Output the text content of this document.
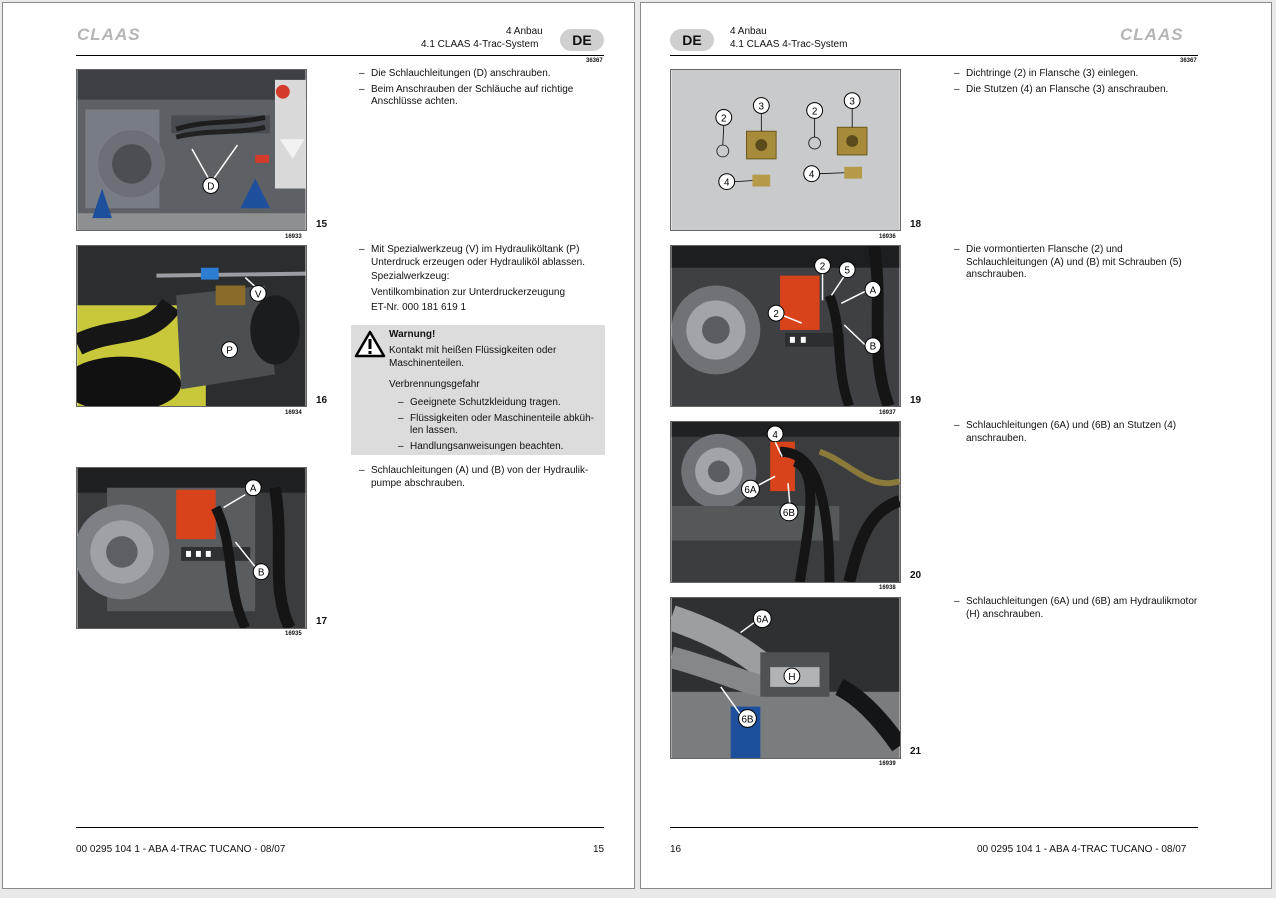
CLAAS	4 Anbau
4.1 CLAAS 4-Trac-System	DE
36367
D
16933
15
– Die Schlauchleitungen (D) anschrauben.
– Beim Anschrauben der Schläuche auf richtige Anschlüsse achten.
V
P
16934
16
– Mit Spezialwerkzeug (V) im Hydrauliköltank (P) Unterdruck erzeugen oder Hydrauliköl ablassen.

Spezialwerkzeug:

Ventilkombination zur Unterdruckerzeugung

ET-Nr. 000 181 619 1

Warnung!
Kontakt mit heißen Flüssigkeiten oder Maschinenteilen.
Verbrennungsgefahr
– Geeignete Schutzkleidung tragen.
– Flüssigkeiten oder Maschinenteile abküh-len lassen.
– Handlungsanweisungen beachten.
A
B
16935
17
– Schlauchleitungen (A) und (B) von der Hydraulik-pumpe abschrauben.
00 0295 104 1 - ABA 4-TRAC TUCANO - 08/07	15
DE
4 Anbau
4.1 CLAAS 4-Trac-System
CLAAS
36367
2
3
4
2
3
4
16936
18
– Dichtringe (2) in Flansche (3) einlegen.
– Die Stutzen (4) an Flansche (3) anschrauben.
2 5
A
2
B
16937
19
– Die vormontierten Flansche (2) und Schlauchleitungen (A) und (B) mit Schrauben (5) anschrauben.
4
6A
6B
16938
20
– Schlauchleitungen (6A) und (6B) an Stutzen (4) anschrauben.
6A
H
6B
16939
21
– Schlauchleitungen (6A) und (6B) am Hydraulikmotor (H) anschrauben.
16	00 0295 104 1 - ABA 4-TRAC TUCANO - 08/07
